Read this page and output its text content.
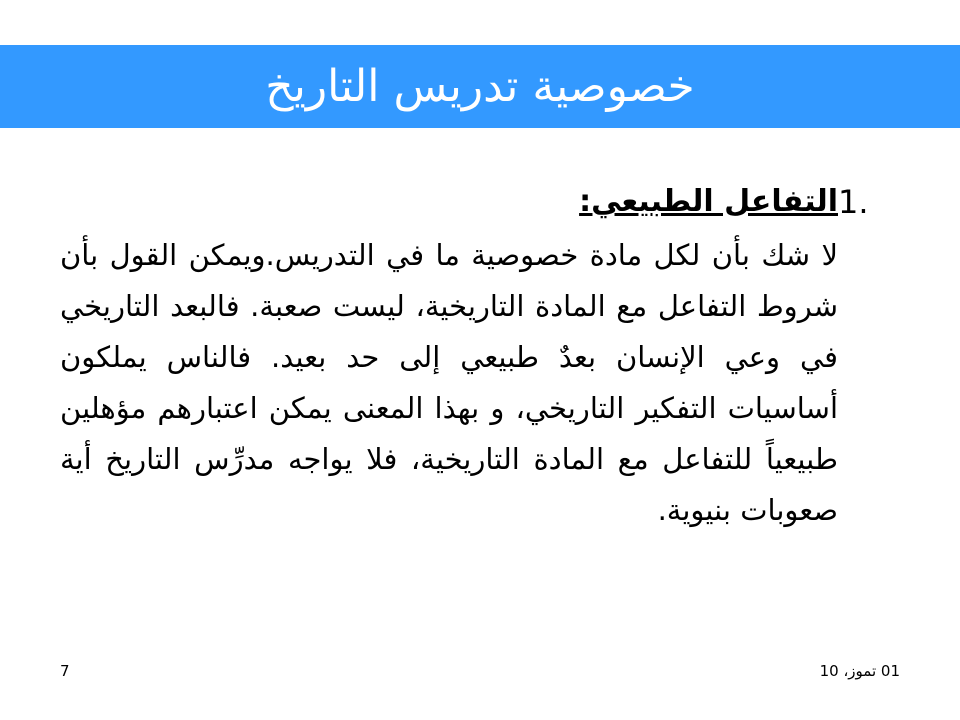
خصوصية تدريس التاريخ
1.
التفاعل الطبيعي:

لا شك بأن لكل مادة خصوصية ما في التدريس.ويمكن القول بأن شروط التفاعل مع المادة التاريخية، ليست صعبة. فالبعد التاريخي في وعي الإنسان بعدٌ طبيعي إلى حد بعيد. فالناس يملكون أساسيات التفكير التاريخي، و بهذا المعنى يمكن اعتبارهم مؤهلين طبيعياً للتفاعل مع المادة التاريخية، فلا يواجه مدرِّس التاريخ أية صعوبات بنيوية.

7	01 تموز، 10
